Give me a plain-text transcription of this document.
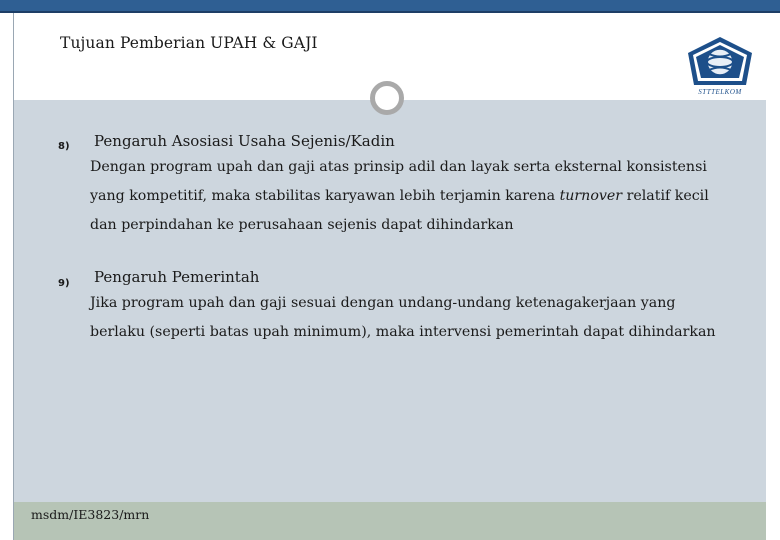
Tujuan Pemberian UPAH & GAJI
STTTELKOM
8) Pengaruh Asosiasi Usaha Sejenis/Kadin
Dengan program upah dan gaji atas prinsip adil dan layak serta eksternal konsistensi yang kompetitif, maka stabilitas karyawan lebih terjamin karena turnover relatif kecil dan perpindahan ke perusahaan sejenis dapat dihindarkan
9) Pengaruh Pemerintah
Jika program upah dan gaji sesuai dengan undang-undang ketenagakerjaan yang berlaku (seperti batas upah minimum), maka intervensi pemerintah dapat dihindarkan
msdm/IE3823/mrn
